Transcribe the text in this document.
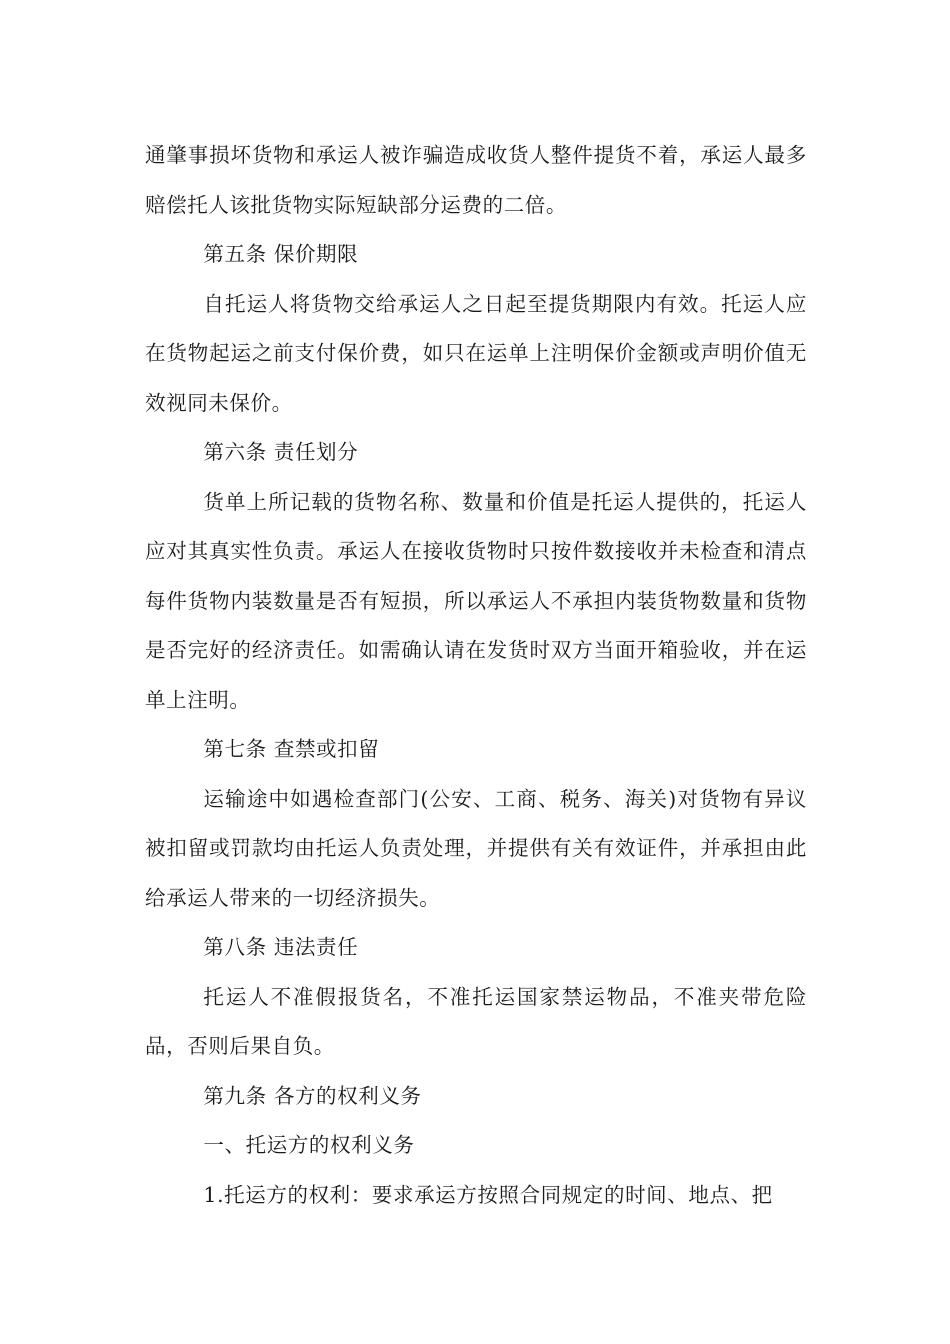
通肇事损坏货物和承运人被诈骗造成收货人整件提货不着，承运人最多赔偿托人该批货物实际短缺部分运费的二倍。

第五条 保价期限

自托运人将货物交给承运人之日起至提货期限内有效。托运人应在货物起运之前支付保价费，如只在运单上注明保价金额或声明价值无效视同未保价。

第六条 责任划分

货单上所记载的货物名称、数量和价值是托运人提供的，托运人应对其真实性负责。承运人在接收货物时只按件数接收并未检查和清点每件货物内装数量是否有短损，所以承运人不承担内装货物数量和货物是否完好的经济责任。如需确认请在发货时双方当面开箱验收，并在运单上注明。

第七条 查禁或扣留

运输途中如遇检查部门(公安、工商、税务、海关)对货物有异议被扣留或罚款均由托运人负责处理，并提供有关有效证件，并承担由此给承运人带来的一切经济损失。

第八条 违法责任

托运人不准假报货名，不准托运国家禁运物品，不准夹带危险品，否则后果自负。

第九条 各方的权利义务

一、托运方的权利义务

1.托运方的权利：要求承运方按照合同规定的时间、地点、把
